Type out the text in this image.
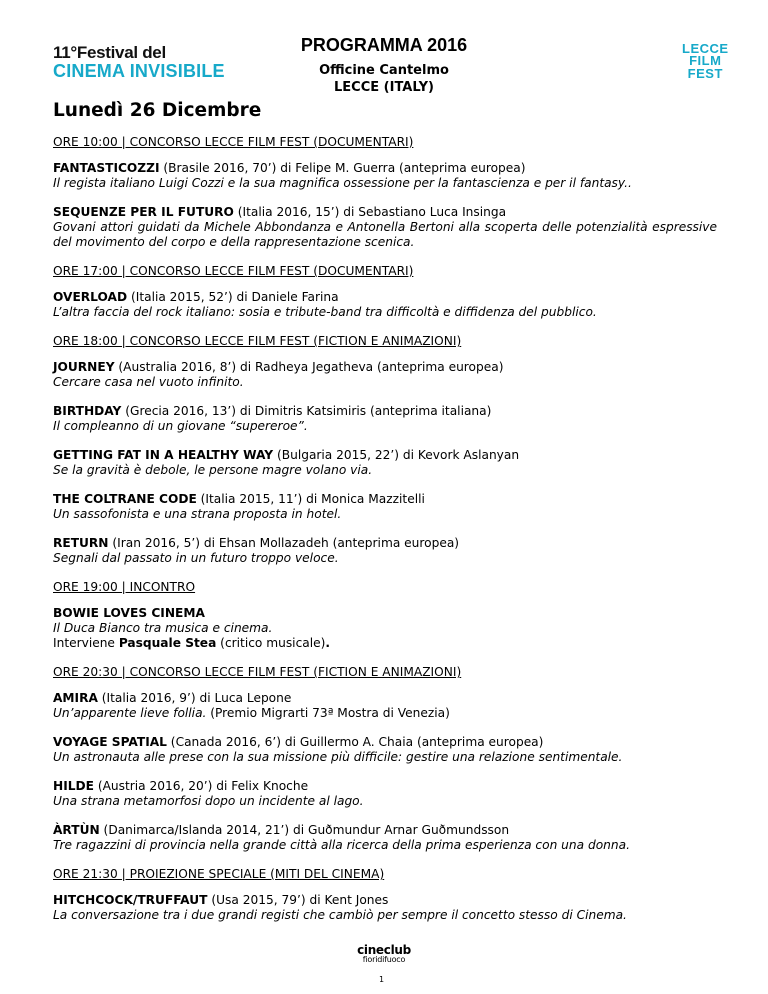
11°Festival del
CINEMA INVISIBILE
PROGRAMMA 2016
Officine Cantelmo
LECCE (ITALY)
LECCE
FILM
FEST
Lunedì 26 Dicembre
ORE 10:00 | CONCORSO LECCE FILM FEST (DOCUMENTARI)
FANTASTICOZZI (Brasile 2016, 70’) di Felipe M. Guerra (anteprima europea)
Il regista italiano Luigi Cozzi e la sua magnifica ossessione per la fantascienza e per il fantasy..
SEQUENZE PER IL FUTURO (Italia 2016, 15’) di Sebastiano Luca Insinga
Govani attori guidati da Michele Abbondanza e Antonella Bertoni alla scoperta delle potenzialità espressive del movimento del corpo e della rappresentazione scenica.
ORE 17:00 | CONCORSO LECCE FILM FEST (DOCUMENTARI)
OVERLOAD (Italia 2015, 52’) di Daniele Farina
L’altra faccia del rock italiano: sosia e tribute-band tra difficoltà e diffidenza del pubblico.
ORE 18:00 | CONCORSO LECCE FILM FEST (FICTION E ANIMAZIONI)
JOURNEY (Australia 2016, 8’) di Radheya Jegatheva (anteprima europea)
Cercare casa nel vuoto infinito.
BIRTHDAY (Grecia 2016, 13’) di Dimitris Katsimiris (anteprima italiana)
Il compleanno di un giovane “supereroe”.
GETTING FAT IN A HEALTHY WAY (Bulgaria 2015, 22’) di Kevork Aslanyan
Se la gravità è debole, le persone magre volano via.
THE COLTRANE CODE (Italia 2015, 11’) di Monica Mazzitelli
Un sassofonista e una strana proposta in hotel.
RETURN (Iran 2016, 5’) di Ehsan Mollazadeh (anteprima europea)
Segnali dal passato in un futuro troppo veloce.
ORE 19:00 | INCONTRO
BOWIE LOVES CINEMA
Il Duca Bianco tra musica e cinema.
Interviene Pasquale Stea (critico musicale).
ORE 20:30 | CONCORSO LECCE FILM FEST (FICTION E ANIMAZIONI)
AMIRA (Italia 2016, 9’) di Luca Lepone
Un’apparente lieve follia. (Premio Migrarti 73ª Mostra di Venezia)
VOYAGE SPATIAL (Canada 2016, 6’) di Guillermo A. Chaia (anteprima europea)
Un astronauta alle prese con la sua missione più difficile: gestire una relazione sentimentale.
HILDE (Austria 2016, 20’) di Felix Knoche
Una strana metamorfosi dopo un incidente al lago.
ÀRTÙN (Danimarca/Islanda 2014, 21’) di Guðmundur Arnar Guðmundsson
Tre ragazzini di provincia nella grande città alla ricerca della prima esperienza con una donna.
ORE 21:30 | PROIEZIONE SPECIALE (MITI DEL CINEMA)
HITCHCOCK/TRUFFAUT (Usa 2015, 79’) di Kent Jones
La conversazione tra i due grandi registi che cambiò per sempre il concetto stesso di Cinema.
cineclub
fioridifuoco
1
